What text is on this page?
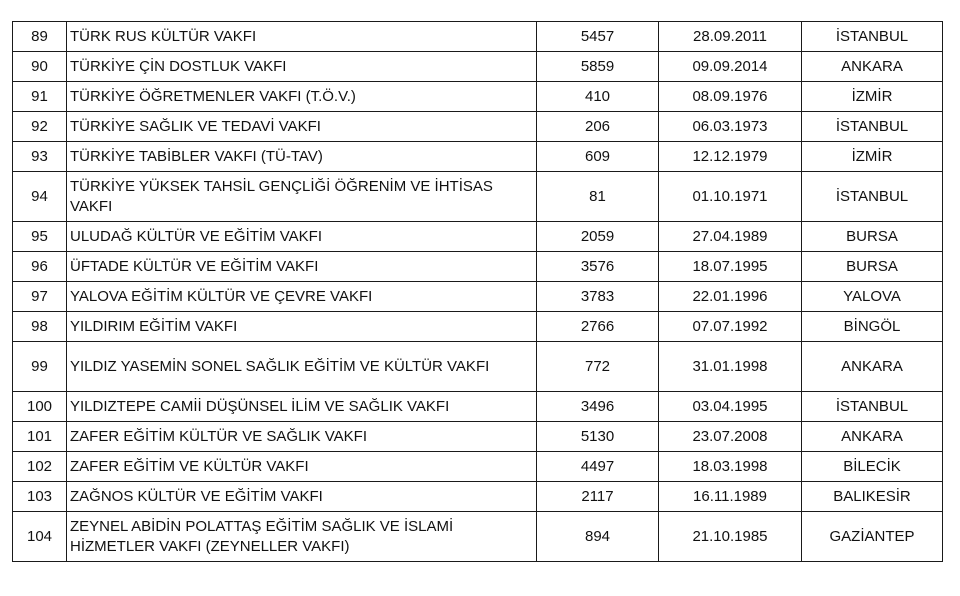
89	TÜRK RUS KÜLTÜR VAKFI	5457	28.09.2011	İSTANBUL
90	TÜRKİYE ÇİN DOSTLUK VAKFI	5859	09.09.2014	ANKARA
91	TÜRKİYE ÖĞRETMENLER VAKFI (T.Ö.V.)	410	08.09.1976	İZMİR
92	TÜRKİYE SAĞLIK VE TEDAVİ VAKFI	206	06.03.1973	İSTANBUL
93	TÜRKİYE TABİBLER VAKFI (TÜ-TAV)	609	12.12.1979	İZMİR
94	TÜRKİYE YÜKSEK TAHSİL GENÇLİĞİ ÖĞRENİM VE İHTİSAS VAKFI	81	01.10.1971	İSTANBUL
95	ULUDAĞ KÜLTÜR VE EĞİTİM VAKFI	2059	27.04.1989	BURSA
96	ÜFTADE KÜLTÜR VE EĞİTİM VAKFI	3576	18.07.1995	BURSA
97	YALOVA EĞİTİM KÜLTÜR VE ÇEVRE VAKFI	3783	22.01.1996	YALOVA
98	YILDIRIM EĞİTİM VAKFI	2766	07.07.1992	BİNGÖL
99	YILDIZ YASEMİN SONEL SAĞLIK EĞİTİM VE KÜLTÜR VAKFI	772	31.01.1998	ANKARA
100	YILDIZTEPE CAMİİ DÜŞÜNSEL İLİM VE SAĞLIK VAKFI	3496	03.04.1995	İSTANBUL
101	ZAFER EĞİTİM KÜLTÜR VE SAĞLIK VAKFI	5130	23.07.2008	ANKARA
102	ZAFER EĞİTİM VE KÜLTÜR VAKFI	4497	18.03.1998	BİLECİK
103	ZAĞNOS KÜLTÜR VE EĞİTİM VAKFI	2117	16.11.1989	BALIKESİR
104	ZEYNEL ABİDİN POLATTAŞ EĞİTİM SAĞLIK VE İSLAMİ HİZMETLER VAKFI (ZEYNELLER VAKFI)	894	21.10.1985	GAZİANTEP
